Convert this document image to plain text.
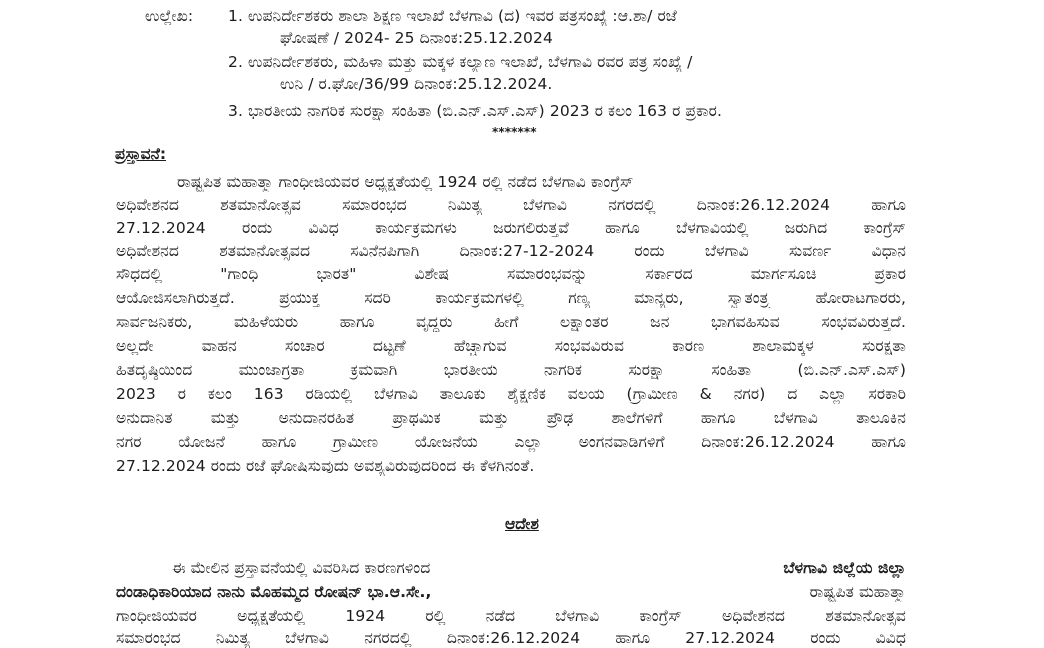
ಉಲ್ಲೇಖ: 1. ಉಪನಿರ್ದೇಶಕರು ಶಾಲಾ ಶಿಕ್ಷಣ ಇಲಾಖೆ ಬೆಳಗಾವಿ (ದ) ಇವರ ಪತ್ರಸಂಖ್ಯೆ :ಆ.ಶಾ/ ರಜೆ
ಘೋಷಣೆ / 2024- 25 ದಿನಾಂಕ:25.12.2024
2. ಉಪನಿರ್ದೇಶಕರು, ಮಹಿಳಾ ಮತ್ತು ಮಕ್ಕಳ ಕಲ್ಯಾಣ ಇಲಾಖೆ, ಬೆಳಗಾವಿ ರವರ ಪತ್ರ ಸಂಖ್ಯೆ /
ಉನಿ / ರ.ಘೋ/36/99 ದಿನಾಂಕ:25.12.2024.
3. ಭಾರತೀಯ ನಾಗರಿಕ ಸುರಕ್ಷಾ ಸಂಹಿತಾ (ಬಿ.ಎನ್.ಎಸ್.ಎಸ್) 2023 ರ ಕಲಂ 163 ರ ಪ್ರಕಾರ.
*******
ಪ್ರಸ್ತಾವನೆ:
ರಾಷ್ಟ್ರಪಿತ ಮಹಾತ್ಮಾ ಗಾಂಧೀಜಿಯವರ ಅಧ್ಯಕ್ಷತೆಯಲ್ಲಿ 1924 ರಲ್ಲಿ ನಡೆದ ಬೆಳಗಾವಿ ಕಾಂಗ್ರೆಸ್
ಅಧಿವೇಶನದ ಶತಮಾನೋತ್ಸವ ಸಮಾರಂಭದ ನಿಮಿತ್ಯ ಬೆಳಗಾವಿ ನಗರದಲ್ಲಿ ದಿನಾಂಕ:26.12.2024 ಹಾಗೂ
27.12.2024 ರಂದು ವಿವಿಧ ಕಾರ್ಯಕ್ರಮಗಳು ಜರುಗಲಿರುತ್ತವೆ ಹಾಗೂ ಬೆಳಗಾವಿಯಲ್ಲಿ ಜರುಗಿದ ಕಾಂಗ್ರೆಸ್
ಅಧಿವೇಶನದ ಶತಮಾನೋತ್ಸವದ ಸವಿನೆನಪಿಗಾಗಿ ದಿನಾಂಕ:27-12-2024 ರಂದು ಬೆಳಗಾವಿ ಸುವರ್ಣ ವಿಧಾನ
ಸೌಧದಲ್ಲಿ "ಗಾಂಧಿ ಭಾರತ" ವಿಶೇಷ ಸಮಾರಂಭವನ್ನು ಸರ್ಕಾರದ ಮಾರ್ಗಸೂಚಿ ಪ್ರಕಾರ
ಆಯೋಜಿಸಲಾಗಿರುತ್ತದೆ. ಪ್ರಯುಕ್ತ ಸದರಿ ಕಾರ್ಯಕ್ರಮಗಳಲ್ಲಿ ಗಣ್ಯ ಮಾನ್ಯರು, ಸ್ವಾತಂತ್ರ್ಯ ಹೋರಾಟಗಾರರು,
ಸಾರ್ವಜನಿಕರು, ಮಹಿಳೆಯರು ಹಾಗೂ ವೃದ್ಧರು ಹೀಗೆ ಲಕ್ಷಾಂತರ ಜನ ಭಾಗವಹಿಸುವ ಸಂಭವವಿರುತ್ತದೆ.
ಅಲ್ಲದೇ ವಾಹನ ಸಂಚಾರ ದಟ್ಟಣೆ ಹೆಚ್ಚಾಗುವ ಸಂಭವವಿರುವ ಕಾರಣ ಶಾಲಾಮಕ್ಕಳ ಸುರಕ್ಷತಾ
ಹಿತದೃಷ್ಠಿಯಿಂದ ಮುಂಜಾಗ್ರತಾ ಕ್ರಮವಾಗಿ ಭಾರತೀಯ ನಾಗರಿಕ ಸುರಕ್ಷಾ ಸಂಹಿತಾ (ಬಿ.ಎನ್.ಎಸ್.ಎಸ್)
2023 ರ ಕಲಂ 163 ರಡಿಯಲ್ಲಿ ಬೆಳಗಾವಿ ತಾಲೂಕು ಶೈಕ್ಷಣಿಕ ವಲಯ (ಗ್ರಾಮೀಣ & ನಗರ) ದ ಎಲ್ಲಾ ಸರಕಾರಿ
ಅನುದಾನಿತ ಮತ್ತು ಅನುದಾನರಹಿತ ಪ್ರಾಥಮಿಕ ಮತ್ತು ಪ್ರೌಢ ಶಾಲೆಗಳಿಗೆ ಹಾಗೂ ಬೆಳಗಾವಿ ತಾಲೂಕಿನ
ನಗರ ಯೋಜನೆ ಹಾಗೂ ಗ್ರಾಮೀಣ ಯೋಜನೆಯ ಎಲ್ಲಾ ಅಂಗನವಾಡಿಗಳಿಗೆ ದಿನಾಂಕ:26.12.2024 ಹಾಗೂ
27.12.2024 ರಂದು ರಜೆ ಘೋಷಿಸುವುದು ಅವಶ್ಯವಿರುವುದರಿಂದ ಈ ಕೆಳಗಿನಂತೆ.
ಆದೇಶ
ಈ ಮೇಲಿನ ಪ್ರಸ್ತಾವನೆಯಲ್ಲಿ ವಿವರಿಸಿದ ಕಾರಣಗಳಿಂದ	ಬೆಳಗಾವಿ ಜಿಲ್ಲೆಯ ಜಿಲ್ಲಾ
ದಂಡಾಧಿಕಾರಿಯಾದ ನಾನು ಮೊಹಮ್ಮದ ರೋಷನ್ ಭಾ.ಆ.ಸೇ.,	ರಾಷ್ಟ್ರಪಿತ ಮಹಾತ್ಮಾ
ಗಾಂಧೀಜಿಯವರ ಅಧ್ಯಕ್ಷತೆಯಲ್ಲಿ 1924 ರಲ್ಲಿ ನಡೆದ ಬೆಳಗಾವಿ ಕಾಂಗ್ರೆಸ್ ಅಧಿವೇಶನದ ಶತಮಾನೋತ್ಸವ
ಸಮಾರಂಭದ ನಿಮಿತ್ಯ ಬೆಳಗಾವಿ ನಗರದಲ್ಲಿ ದಿನಾಂಕ:26.12.2024 ಹಾಗೂ 27.12.2024 ರಂದು ವಿವಿಧ
